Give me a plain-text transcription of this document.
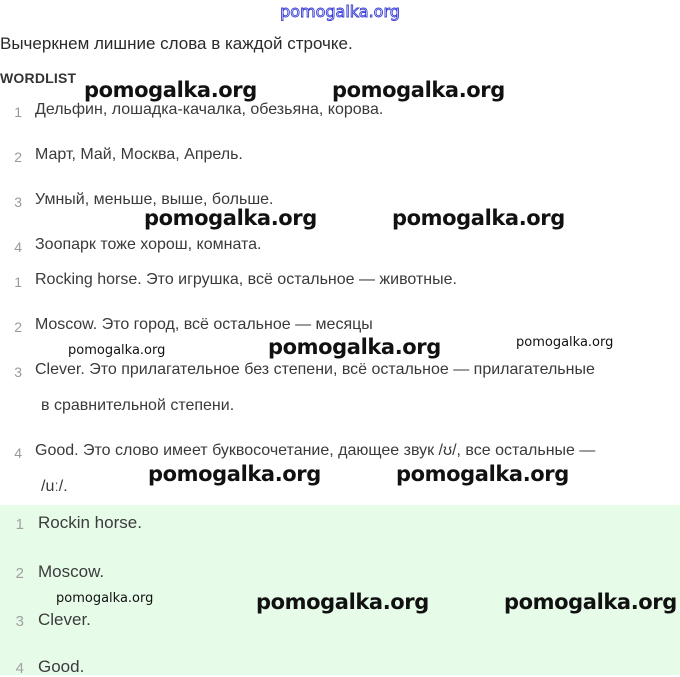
pomogalka.org
Вычеркнем лишние слова в каждой строчке.
WORDLIST
1 Дельфин, лошадка-качалка, обезьяна, корова.
2 Март, Май, Москва, Апрель.
3 Умный, меньше, выше, больше.
4 Зоопарк тоже хорош, комната.
1 Rocking horse. Это игрушка, всё остальное — животные.
2 Moscow. Это город, всё остальное — месяцы
3 Clever. Это прилагательное без степени, всё остальное — прилагательные
в сравнительной степени.
4 Good. Это слово имеет буквосочетание, дающее звук /ʊ/, все остальные —
/uː/.
1 Rockin horse.
2 Moscow.
3 Clever.
4 Good.
pomogalka.org	pomogalka.org
pomogalka.org	pomogalka.org
pomogalka.org	pomogalka.org	pomogalka.org
pomogalka.org	pomogalka.org
pomogalka.org	pomogalka.org	pomogalka.org
